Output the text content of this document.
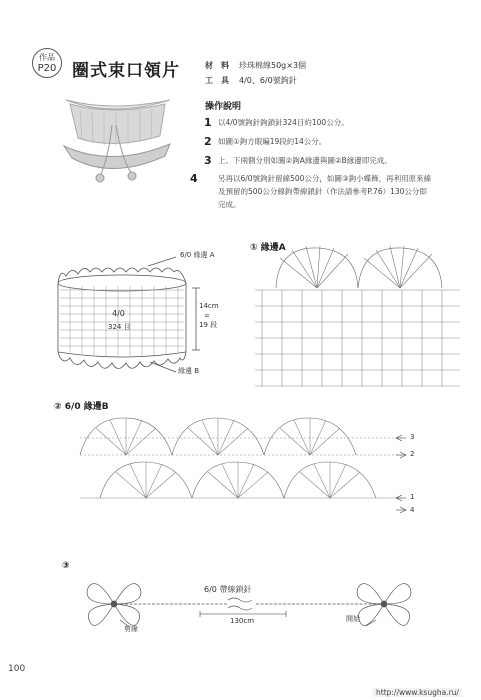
作品
P20 圈式束口領片	材　料 珍珠棉線50g×3個
工　具 4/0、6/0號鉤針
操作說明
1 以4/0號鉤針鉤鎖針324目約100公分。
2 如圖①鉤方眼編19段約14公分。
3 上、下兩側分別如圖②鉤A緣邊與圖②B緣邊即完成。
4	另再以6/0號鉤針留線500公分，如圖③鉤小蝶飾，再利用原來線及預留的500公分線鉤帶線鎖針（作法請參考P.76）130公分即完成。
6/0 緣邊 A
4/0
324 目
14cm
=
19 段
緣邊 B
① 緣邊A
② 6/0 緣邊B
3
2
1
4
③
6/0 帶線鎖針
130cm
剪線
開始
100
http://www.ksugha.ru/
